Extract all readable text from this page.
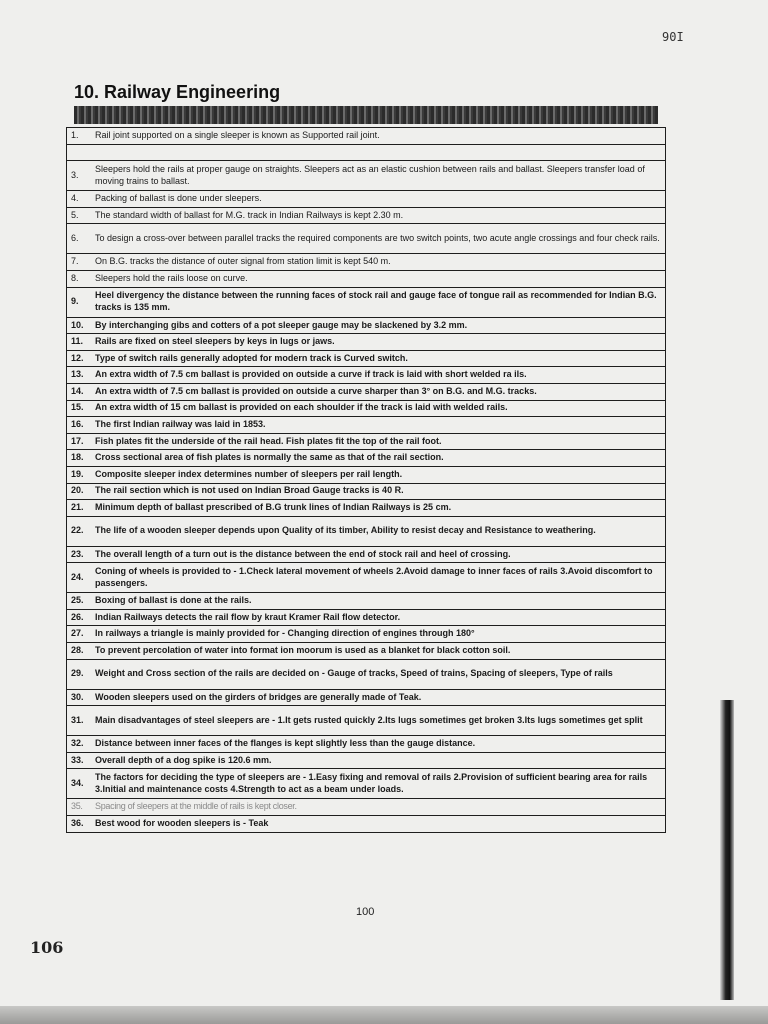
90I
10. Railway Engineering
1.	Rail joint supported on a single sleeper is known as Supported rail joint.

3.	Sleepers hold the rails at proper gauge on straights. Sleepers act as an elastic cushion between rails and ballast. Sleepers transfer load of moving trains to ballast.
4.	Packing of ballast is done under sleepers.
5.	The standard width of ballast for M.G. track in Indian Railways is kept 2.30 m.
6.	To design a cross-over between parallel tracks the required components are two switch points, two acute angle crossings and four check rails.
7.	On B.G. tracks the distance of outer signal from station limit is kept 540 m.
8.	Sleepers hold the rails loose on curve.
9.	Heel divergency the distance between the running faces of stock rail and gauge face of tongue rail as recommended for Indian B.G. tracks is 135 mm.
10.	By interchanging gibs and cotters of a pot sleeper gauge may be slackened by 3.2 mm.
11.	Rails are fixed on steel sleepers by keys in lugs or jaws.
12.	Type of switch rails generally adopted for modern track is Curved switch.
13.	An extra width of 7.5 cm ballast is provided on outside a curve if track is laid with short welded ra ils.
14.	An extra width of 7.5 cm ballast is provided on outside a curve sharper than 3° on B.G. and M.G. tracks.
15.	An extra width of 15 cm ballast is provided on each shoulder if the track is laid with welded rails.
16.	The first Indian railway was laid in 1853.
17.	Fish plates fit the underside of the rail head. Fish plates fit the top of the rail foot.
18.	Cross sectional area of fish plates is normally the same as that of the rail section.
19.	Composite sleeper index determines number of sleepers per rail length.
20.	The rail section which is not used on Indian Broad Gauge tracks is 40 R.
21.	Minimum depth of ballast prescribed of B.G trunk lines of Indian Railways is 25 cm.
22.	The life of a wooden sleeper depends upon Quality of its timber, Ability to resist decay and Resistance to weathering.
23.	The overall length of a turn out is the distance between the end of stock rail and heel of crossing.
24.	Coning of wheels is provided to - 1.Check lateral movement of wheels 2.Avoid damage to inner faces of rails 3.Avoid discomfort to passengers.
25.	Boxing of ballast is done at the rails.
26.	Indian Railways detects the rail flow by kraut Kramer Rail flow detector.
27.	In railways a triangle is mainly provided for - Changing direction of engines through 180°
28.	To prevent percolation of water into format ion moorum is used as a blanket for black cotton soil.
29.	Weight and Cross section of the rails are decided on - Gauge of tracks, Speed of trains, Spacing of sleepers, Type of rails
30.	Wooden sleepers used on the girders of bridges are generally made of Teak.
31.	Main disadvantages of steel sleepers are - 1.It gets rusted quickly 2.Its lugs sometimes get broken 3.Its lugs sometimes get split
32.	Distance between inner faces of the flanges is kept slightly less than the gauge distance.
33.	Overall depth of a dog spike is 120.6 mm.
34.	The factors for deciding the type of sleepers are - 1.Easy fixing and removal of rails 2.Provision of sufficient bearing area for rails 3.Initial and maintenance costs 4.Strength to act as a beam under loads.
35.	Spacing of sleepers at the middle of rails is kept closer.
36.	Best wood for wooden sleepers is - Teak
100
106
